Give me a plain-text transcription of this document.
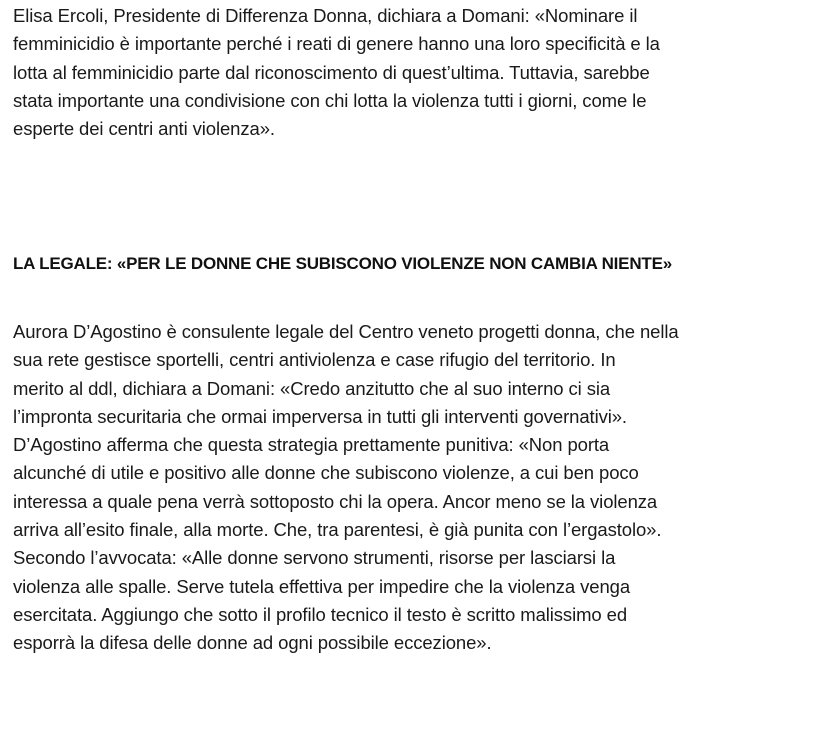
Elisa Ercoli, Presidente di Differenza Donna, dichiara a Domani: «Nominare il
femminicidio è importante perché i reati di genere hanno una loro specificità e la
lotta al femminicidio parte dal riconoscimento di quest’ultima. Tuttavia, sarebbe
stata importante una condivisione con chi lotta la violenza tutti i giorni, come le
esperte dei centri anti violenza».

LA LEGALE: «PER LE DONNE CHE SUBISCONO VIOLENZE NON CAMBIA NIENTE»

Aurora D’Agostino è consulente legale del Centro veneto progetti donna, che nella
sua rete gestisce sportelli, centri antiviolenza e case rifugio del territorio. In
merito al ddl, dichiara a Domani: «Credo anzitutto che al suo interno ci sia
l’impronta securitaria che ormai imperversa in tutti gli interventi governativi».
D’Agostino afferma che questa strategia prettamente punitiva: «Non porta
alcunché di utile e positivo alle donne che subiscono violenze, a cui ben poco
interessa a quale pena verrà sottoposto chi la opera. Ancor meno se la violenza
arriva all’esito finale, alla morte. Che, tra parentesi, è già punita con l’ergastolo».
Secondo l’avvocata: «Alle donne servono strumenti, risorse per lasciarsi la
violenza alle spalle. Serve tutela effettiva per impedire che la violenza venga
esercitata. Aggiungo che sotto il profilo tecnico il testo è scritto malissimo ed
esporrà la difesa delle donne ad ogni possibile eccezione».
